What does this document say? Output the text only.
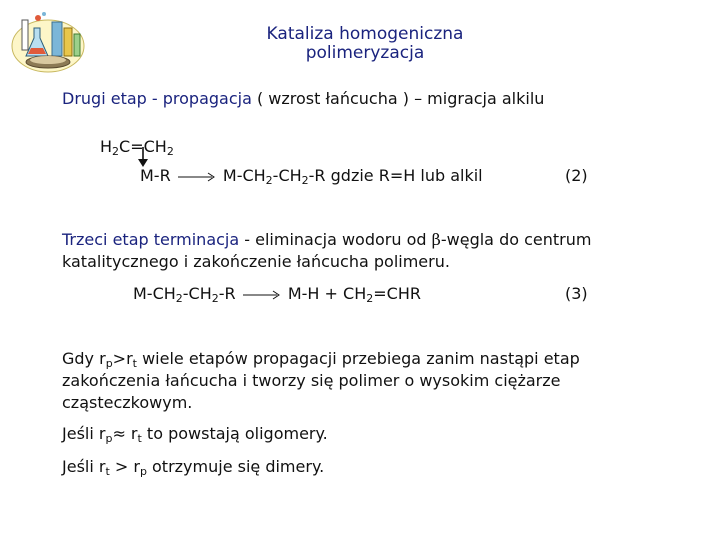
Kataliza homogeniczna
polimeryzacja
Drugi etap - propagacja ( wzrost łańcucha ) – migracja alkilu
$H_2C=CH_2$
$M-R \to M-CH_2-CH_2-R$ gdzie R=H lub alkil	(2)
Trzeci etap terminacja - eliminacja wodoru od β-węgla do centrum
katalitycznego i zakończenie łańcucha polimeru.
$M-CH_2-CH_2-R \to M-H + CH_2=CHR$	(3)
Gdy $r_p>r_t$ wiele etapów propagacji przebiega zanim nastąpi etap
zakończenia łańcucha i tworzy się polimer o wysokim ciężarze
cząsteczkowym.
Jeśli $r_p\approx r_t$ to powstają oligomery.
Jeśli $r_t > r_p$ otrzymuje się dimery.
